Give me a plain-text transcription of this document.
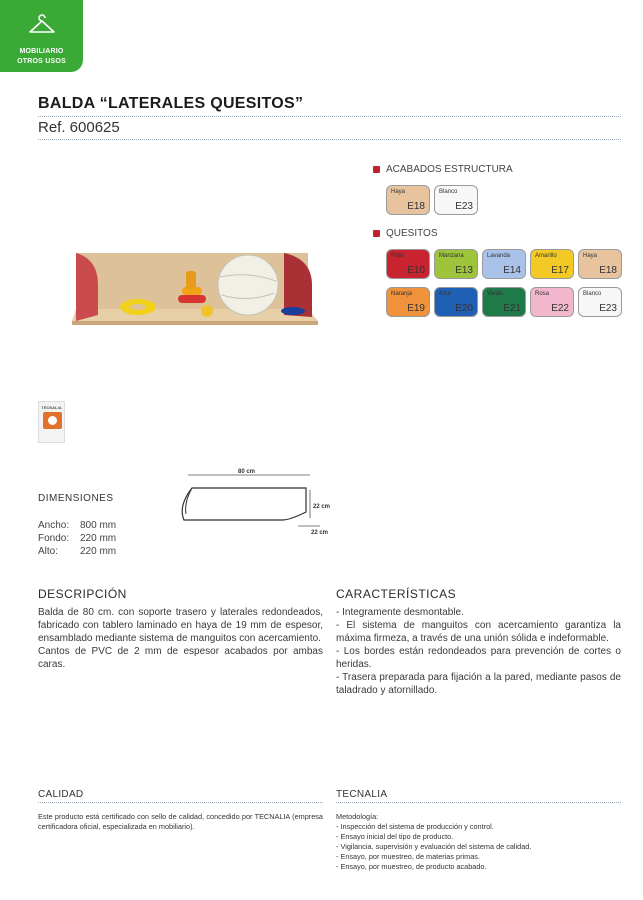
MOBILIARIO
OTROS USOS
BALDA “LATERALES QUESITOS”
Ref. 600625
ACABADOS ESTRUCTURA
Haya
E18
Blanco
E23
QUESITOS
Rojo
E10
Manzana
E13
Lavanda
E14
Amarillo
E17
Haya
E18
Naranja
E19
Azul
E20
Verde
E21
Rosa
E22
Blanco
E23
TECNALIA
80 cm
22 cm
22 cm
DIMENSIONES
Ancho: 800 mm
Fondo: 220 mm
Alto: 220 mm
DESCRIPCIÓN

Balda de 80 cm. con soporte trasero y laterales redondeados, fabricado con tablero laminado en haya de 19 mm de espesor, ensamblado mediante sistema de manguitos con acercamiento.

Cantos de PVC de 2 mm de espesor acabados por ambas caras.

CARACTERÍSTICAS

- Integramente desmontable.

- El sistema de manguitos con acercamiento garantiza la máxima firmeza, a través de una unión sólida e indeformable.

- Los bordes están redondeados para prevención de cortes o heridas.

- Trasera preparada para fijación a la pared, mediante pasos de taladrado y atornillado.

CALIDAD
Este producto está certificado con sello de calidad, concedido por TECNALIA (empresa certificadora oficial, especializada en mobiliario).
TECNALIA
Metodología:
- Inspección del sistema de producción y control.
- Ensayo inicial del tipo de producto.
- Vigilancia, supervisión y evaluación del sistema de calidad.
- Ensayo, por muestreo, de materias primas.
- Ensayo, por muestreo, de producto acabado.
